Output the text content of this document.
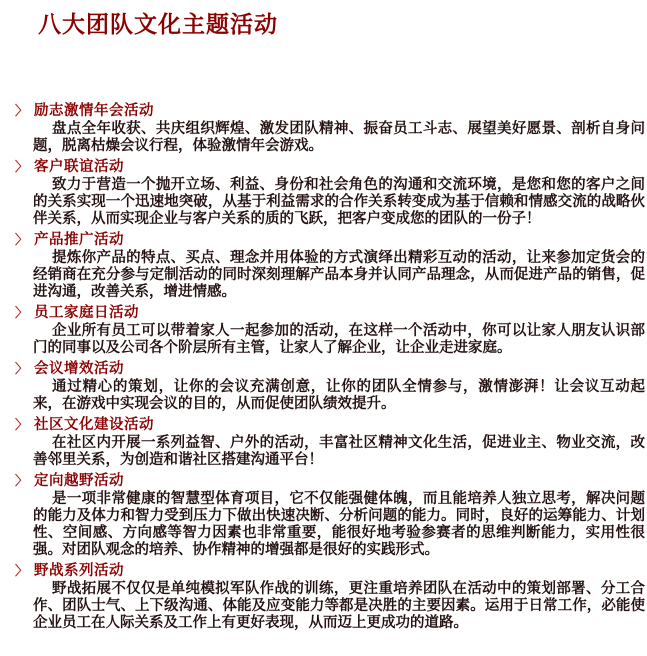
八大团队文化主题活动
〉 励志激情年会活动

盘点全年收获、共庆组织辉煌、激发团队精神、振奋员工斗志、展望美好愿景、剖析自身问题，脱离枯燥会议行程，体验激情年会游戏。

〉 客户联谊活动

致力于营造一个抛开立场、利益、身份和社会角色的沟通和交流环境，是您和您的客户之间的关系实现一个迅速地突破，从基于利益需求的合作关系转变成为基于信赖和情感交流的战略伙伴关系，从而实现企业与客户关系的质的飞跃，把客户变成您的团队的一份子！

〉 产品推广活动

提炼你产品的特点、买点、理念并用体验的方式演绎出精彩互动的活动，让来参加定货会的经销商在充分参与定制活动的同时深刻理解产品本身并认同产品理念，从而促进产品的销售，促进沟通，改善关系，增进情感。

〉 员工家庭日活动

企业所有员工可以带着家人一起参加的活动，在这样一个活动中，你可以让家人朋友认识部门的同事以及公司各个阶层所有主管，让家人了解企业，让企业走进家庭。

〉 会议增效活动

通过精心的策划，让你的会议充满创意，让你的团队全情参与，激情澎湃！让会议互动起来，在游戏中实现会议的目的，从而促使团队绩效提升。

〉 社区文化建设活动

在社区内开展一系列益智、户外的活动，丰富社区精神文化生活，促进业主、物业交流，改善邻里关系，为创造和谐社区搭建沟通平台！

〉 定向越野活动

是一项非常健康的智慧型体育项目，它不仅能强健体魄，而且能培养人独立思考，解决问题的能力及体力和智力受到压力下做出快速决断、分析问题的能力。同时，良好的运筹能力、计划性、空间感、方向感等智力因素也非常重要，能很好地考验参赛者的思维判断能力，实用性很强。对团队观念的培养、协作精神的增强都是很好的实践形式。

〉 野战系列活动

野战拓展不仅仅是单纯模拟军队作战的训练，更注重培养团队在活动中的策划部署、分工合作、团队士气、上下级沟通、体能及应变能力等都是决胜的主要因素。运用于日常工作，必能使企业员工在人际关系及工作上有更好表现，从而迈上更成功的道路。
